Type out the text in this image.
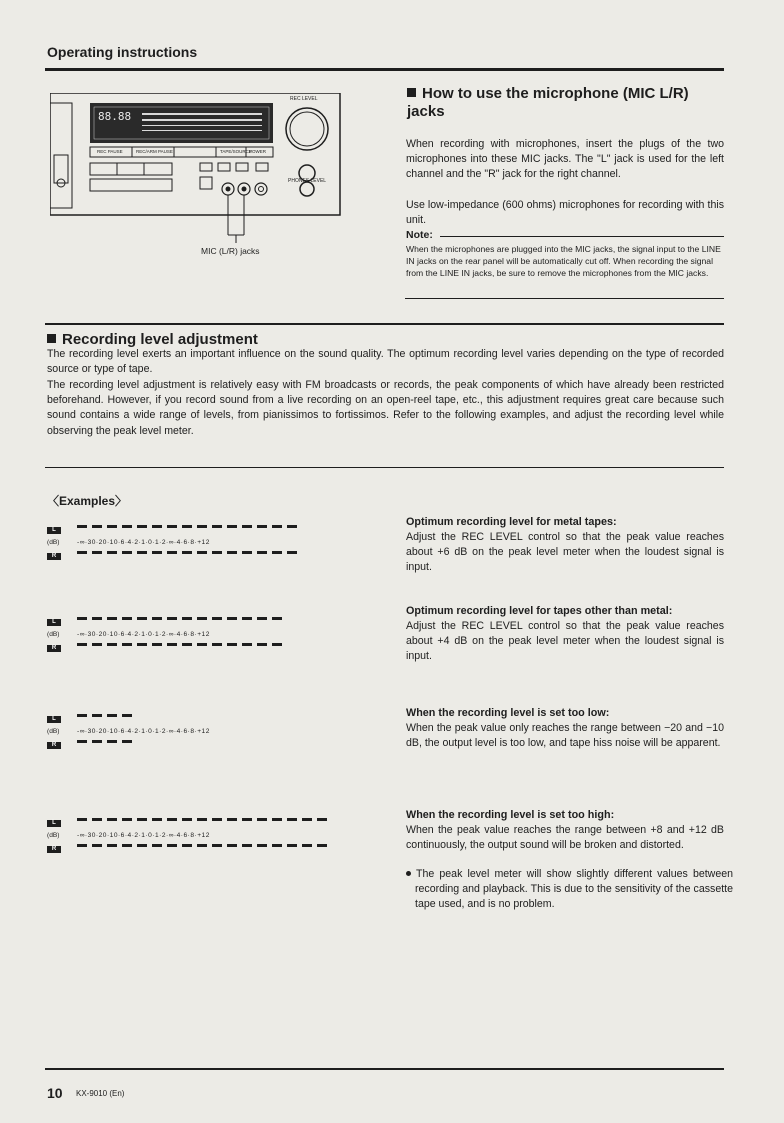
Operating instructions
88.88
REC LEVEL
PHONES LEVEL
REC PAUSE	REC/ARM PAUSE	TAPE/SOURCE
POWER
MIC (L/R) jacks
How to use the microphone (MIC L/R) jacks
When recording with microphones, insert the plugs of the two microphones into these MIC jacks. The "L" jack is used for the left channel and the "R" jack for the right channel.
Use low-impedance (600 ohms) microphones for recording with this unit.
Note:
When the microphones are plugged into the MIC jacks, the signal input to the LINE IN jacks on the rear panel will be automatically cut off. When recording the signal from the LINE IN jacks, be sure to remove the microphones from the MIC jacks.
Recording level adjustment
The recording level exerts an important influence on the sound quality. The optimum recording level varies depending on the type of recorded source or type of tape.
The recording level adjustment is relatively easy with FM broadcasts or records, the peak components of which have already been restricted beforehand. However, if you record sound from a live recording on an open-reel tape, etc., this adjustment requires great care because such sound contains a wide range of levels, from pianissimos to fortissimos. Refer to the following examples, and adjust the recording level while observing the peak level meter.
〈Examples〉
L
(dB)	-∞·30·20·10·6·4·2·1·0·1·2·∞·4·6·8·+12
R
L
(dB)	-∞·30·20·10·6·4·2·1·0·1·2·∞·4·6·8·+12
R
L
(dB)	-∞·30·20·10·6·4·2·1·0·1·2·∞·4·6·8·+12
R
L
(dB)	-∞·30·20·10·6·4·2·1·0·1·2·∞·4·6·8·+12
R
Optimum recording level for metal tapes:
Adjust the REC LEVEL control so that the peak value reaches about +6 dB on the peak level meter when the loudest signal is input.
Optimum recording level for tapes other than metal:
Adjust the REC LEVEL control so that the peak value reaches about +4 dB on the peak level meter when the loudest signal is input.
When the recording level is set too low:
When the peak value only reaches the range between −20 and −10 dB, the output level is too low, and tape hiss noise will be apparent.
When the recording level is set too high:
When the peak value reaches the range between +8 and +12 dB continuously, the output sound will be broken and distorted.
The peak level meter will show slightly different values between recording and playback. This is due to the sensitivity of the cassette tape used, and is no problem.
10 KX-9010 (En)
